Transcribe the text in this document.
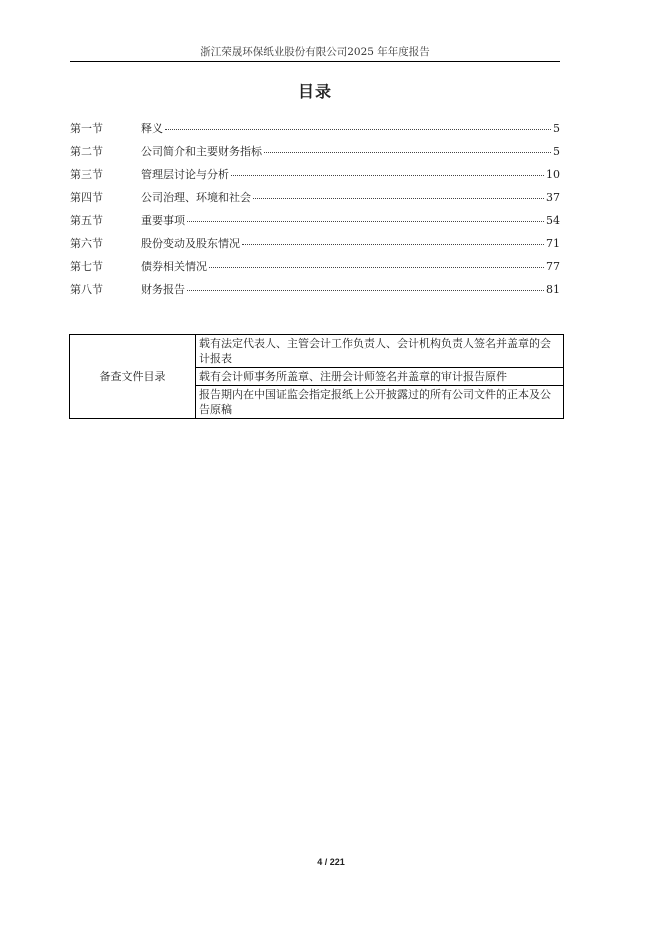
浙江荣晟环保纸业股份有限公司2025 年年度报告
目录
第一节	释义	5
第二节	公司简介和主要财务指标	5
第三节	管理层讨论与分析	10
第四节	公司治理、环境和社会	37
第五节	重要事项	54
第六节	股份变动及股东情况	71
第七节	债券相关情况	77
第八节	财务报告	81
备查文件目录	载有法定代表人、主管会计工作负责人、会计机构负责人签名并盖章的会计报表
载有会计师事务所盖章、注册会计师签名并盖章的审计报告原件
报告期内在中国证监会指定报纸上公开披露过的所有公司文件的正本及公告原稿
4 / 221
